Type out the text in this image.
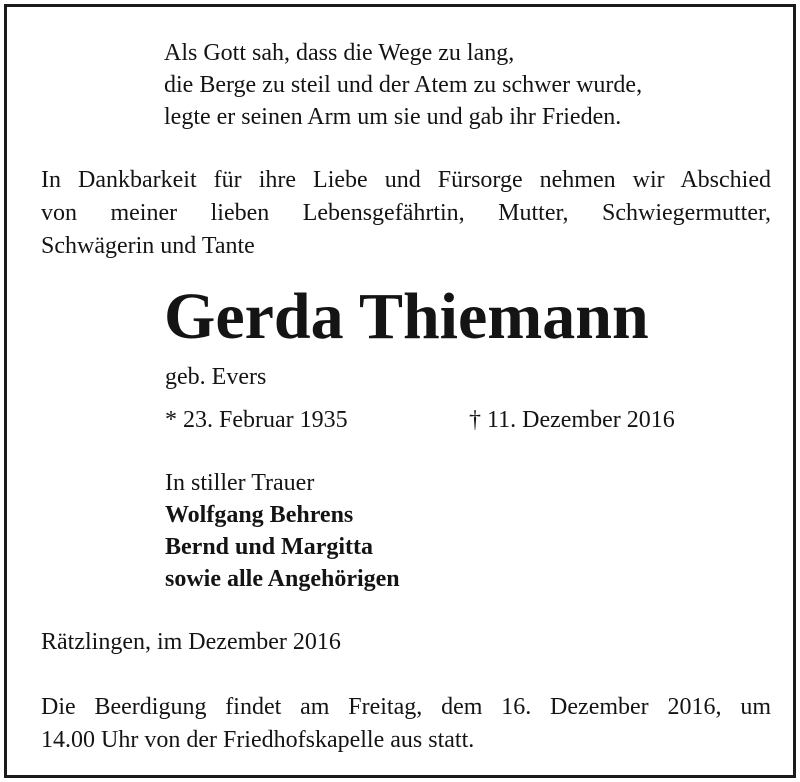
Als Gott sah, dass die Wege zu lang,
die Berge zu steil und der Atem zu schwer wurde,
legte er seinen Arm um sie und gab ihr Frieden.
In Dankbarkeit für ihre Liebe und Fürsorge nehmen wir Abschied
von meiner lieben Lebensgefährtin, Mutter, Schwiegermutter,
Schwägerin und Tante
Gerda Thiemann
geb. Evers
* 23. Februar 1935	† 11. Dezember 2016
In stiller Trauer
Wolfgang Behrens
Bernd und Margitta
sowie alle Angehörigen
Rätzlingen, im Dezember 2016
Die Beerdigung findet am Freitag, dem 16. Dezember 2016, um
14.00 Uhr von der Friedhofskapelle aus statt.
